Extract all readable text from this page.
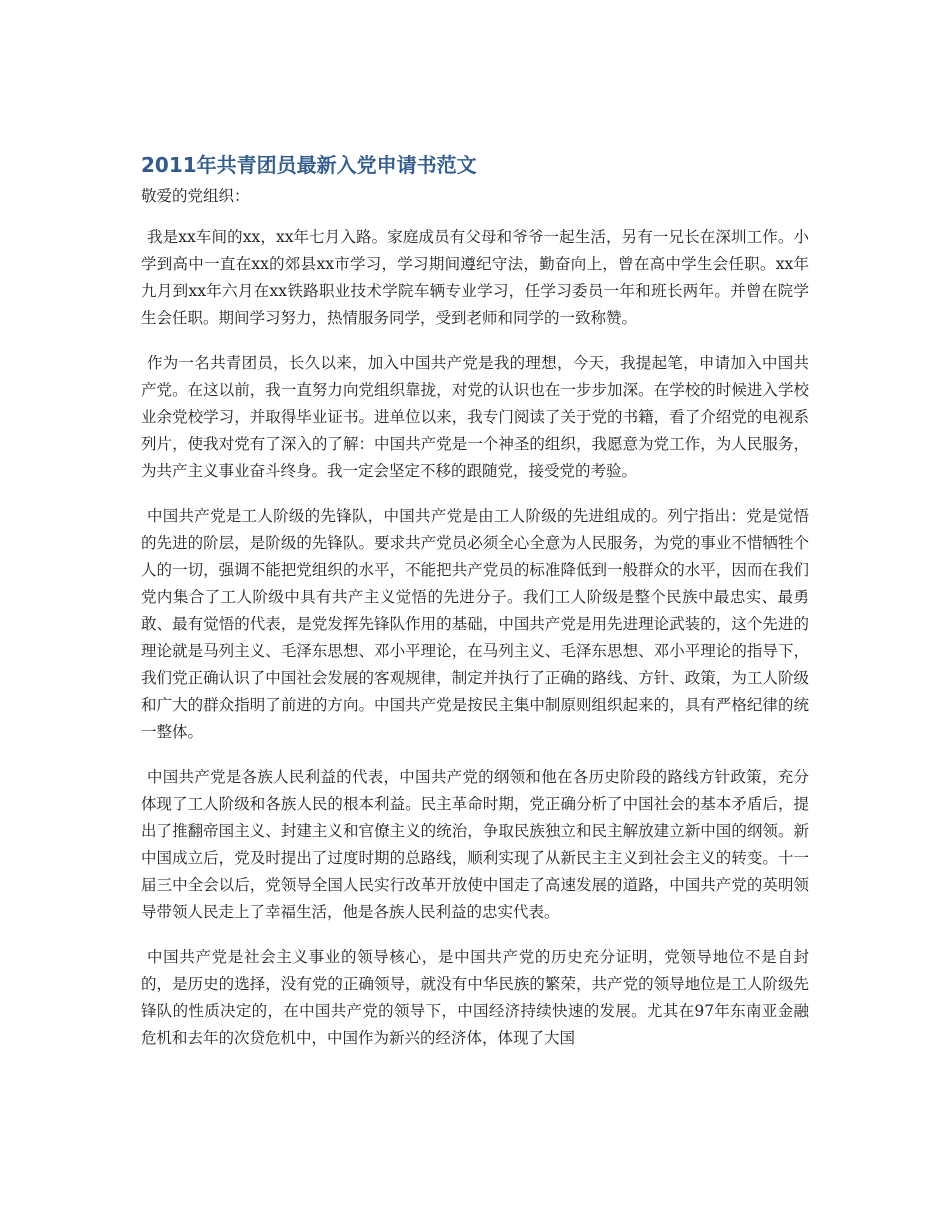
2011年共青团员最新入党申请书范文
敬爱的党组织：

我是xx车间的xx，xx年七月入路。家庭成员有父母和爷爷一起生活，另有一兄长在深圳工作。小学到高中一直在xx的郊县xx市学习，学习期间遵纪守法，勤奋向上，曾在高中学生会任职。xx年九月到xx年六月在xx铁路职业技术学院车辆专业学习，任学习委员一年和班长两年。并曾在院学生会任职。期间学习努力，热情服务同学，受到老师和同学的一致称赞。

作为一名共青团员，长久以来，加入中国共产党是我的理想，今天，我提起笔，申请加入中国共产党。在这以前，我一直努力向党组织靠拢，对党的认识也在一步步加深。在学校的时候进入学校业余党校学习，并取得毕业证书。进单位以来，我专门阅读了关于党的书籍，看了介绍党的电视系列片，使我对党有了深入的了解：中国共产党是一个神圣的组织，我愿意为党工作，为人民服务，为共产主义事业奋斗终身。我一定会坚定不移的跟随党，接受党的考验。

中国共产党是工人阶级的先锋队，中国共产党是由工人阶级的先进组成的。列宁指出：党是觉悟的先进的阶层，是阶级的先锋队。要求共产党员必须全心全意为人民服务，为党的事业不惜牺牲个人的一切，强调不能把党组织的水平，不能把共产党员的标准降低到一般群众的水平，因而在我们党内集合了工人阶级中具有共产主义觉悟的先进分子。我们工人阶级是整个民族中最忠实、最勇敢、最有觉悟的代表，是党发挥先锋队作用的基础，中国共产党是用先进理论武装的，这个先进的理论就是马列主义、毛泽东思想、邓小平理论，在马列主义、毛泽东思想、邓小平理论的指导下，我们党正确认识了中国社会发展的客观规律，制定并执行了正确的路线、方针、政策，为工人阶级和广大的群众指明了前进的方向。中国共产党是按民主集中制原则组织起来的，具有严格纪律的统一整体。

中国共产党是各族人民利益的代表，中国共产党的纲领和他在各历史阶段的路线方针政策，充分体现了工人阶级和各族人民的根本利益。民主革命时期，党正确分析了中国社会的基本矛盾后，提出了推翻帝国主义、封建主义和官僚主义的统治，争取民族独立和民主解放建立新中国的纲领。新中国成立后，党及时提出了过度时期的总路线，顺利实现了从新民主主义到社会主义的转变。十一届三中全会以后，党领导全国人民实行改革开放使中国走了高速发展的道路，中国共产党的英明领导带领人民走上了幸福生活，他是各族人民利益的忠实代表。

中国共产党是社会主义事业的领导核心，是中国共产党的历史充分证明，党领导地位不是自封的，是历史的选择，没有党的正确领导，就没有中华民族的繁荣，共产党的领导地位是工人阶级先锋队的性质决定的，在中国共产党的领导下，中国经济持续快速的发展。尤其在97年东南亚金融危机和去年的次贷危机中，中国作为新兴的经济体，体现了大国
